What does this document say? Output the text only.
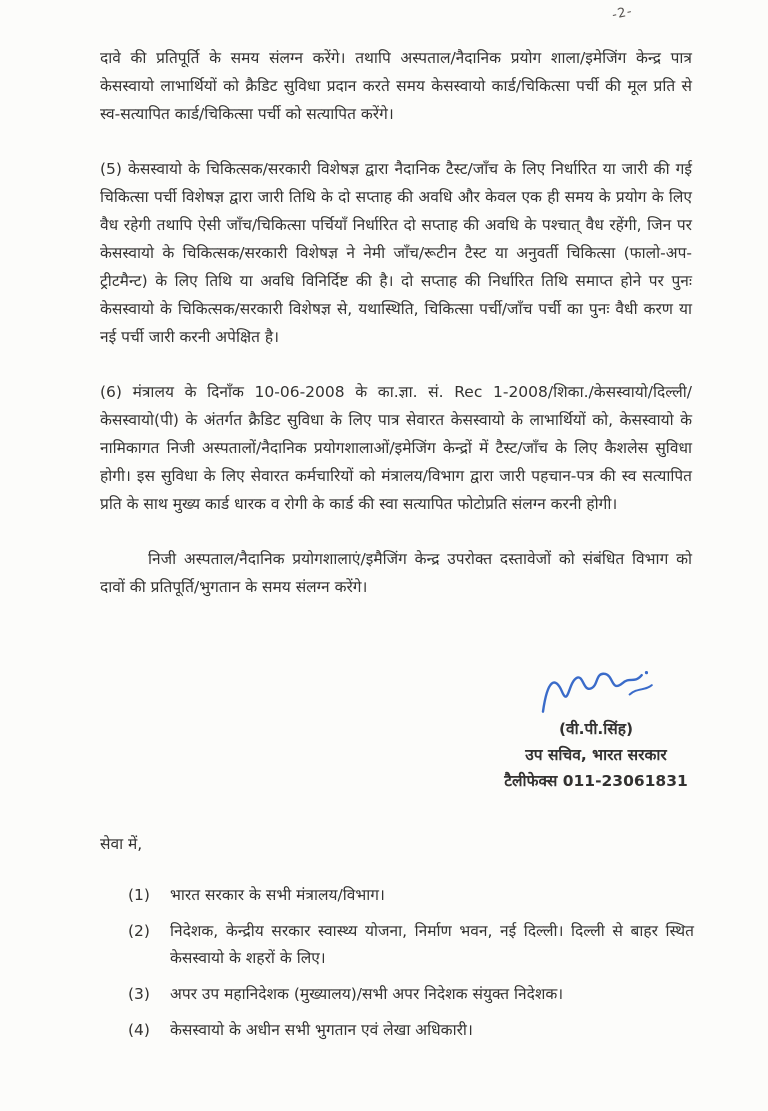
-2-

दावे की प्रतिपूर्ति के समय संलग्न करेंगे। तथापि अस्पताल/नैदानिक प्रयोग शाला/इमेजिंग केन्द्र पात्र केसस्वायो लाभार्थियों को क्रैडिट सुविधा प्रदान करते समय केसस्वायो कार्ड/चिकित्सा पर्ची की मूल प्रति से स्व-सत्यापित कार्ड/चिकित्सा पर्ची को सत्यापित करेंगे।

(5) केसस्वायो के चिकित्सक/सरकारी विशेषज्ञ द्वारा नैदानिक टैस्ट/जाँच के लिए निर्धारित या जारी की गई चिकित्सा पर्ची विशेषज्ञ द्वारा जारी तिथि के दो सप्ताह की अवधि और केवल एक ही समय के प्रयोग के लिए वैध रहेगी तथापि ऐसी जाँच/चिकित्सा पर्चियाँ निर्धारित दो सप्ताह की अवधि के पश्चात् वैध रहेंगी, जिन पर केसस्वायो के चिकित्सक/सरकारी विशेषज्ञ ने नेमी जाँच/रूटीन टैस्ट या अनुवर्ती चिकित्सा (फालो-अप-ट्रीटमैन्ट) के लिए तिथि या अवधि विनिर्दिष्ट की है। दो सप्ताह की निर्धारित तिथि समाप्त होने पर पुनः केसस्वायो के चिकित्सक/सरकारी विशेषज्ञ से, यथास्थिति, चिकित्सा पर्ची/जाँच पर्ची का पुनः वैधी करण या नई पर्ची जारी करनी अपेक्षित है।

(6) मंत्रालय के दिनाँक 10-06-2008 के का.ज्ञा. सं. Rec 1-2008/शिका./केसस्वायो/दिल्ली/केसस्वायो(पी) के अंतर्गत क्रैडिट सुविधा के लिए पात्र सेवारत केसस्वायो के लाभार्थियों को, केसस्वायो के नामिकागत निजी अस्पतालों/नैदानिक प्रयोगशालाओं/इमेजिंग केन्द्रों में टैस्ट/जाँच के लिए कैशलेस सुविधा होगी। इस सुविधा के लिए सेवारत कर्मचारियों को मंत्रालय/विभाग द्वारा जारी पहचान-पत्र की स्व सत्यापित प्रति के साथ मुख्य कार्ड धारक व रोगी के कार्ड की स्वा सत्यापित फोटोप्रति संलग्न करनी होगी।

निजी अस्पताल/नैदानिक प्रयोगशालाएं/इमैजिंग केन्द्र उपरोक्त दस्तावेजों को संबंधित विभाग को दावों की प्रतिपूर्ति/भुगतान के समय संलग्न करेंगे।

(वी.पी.सिंह)
उप सचिव, भारत सरकार
टैलीफेक्स 011-23061831
सेवा में,
(1) भारत सरकार के सभी मंत्रालय/विभाग।
(2) निदेशक, केन्द्रीय सरकार स्वास्थ्य योजना, निर्माण भवन, नई दिल्ली। दिल्ली से बाहर स्थित केसस्वायो के शहरों के लिए।
(3) अपर उप महानिदेशक (मुख्यालय)/सभी अपर निदेशक संयुक्त निदेशक।
(4) केसस्वायो के अधीन सभी भुगतान एवं लेखा अधिकारी।
